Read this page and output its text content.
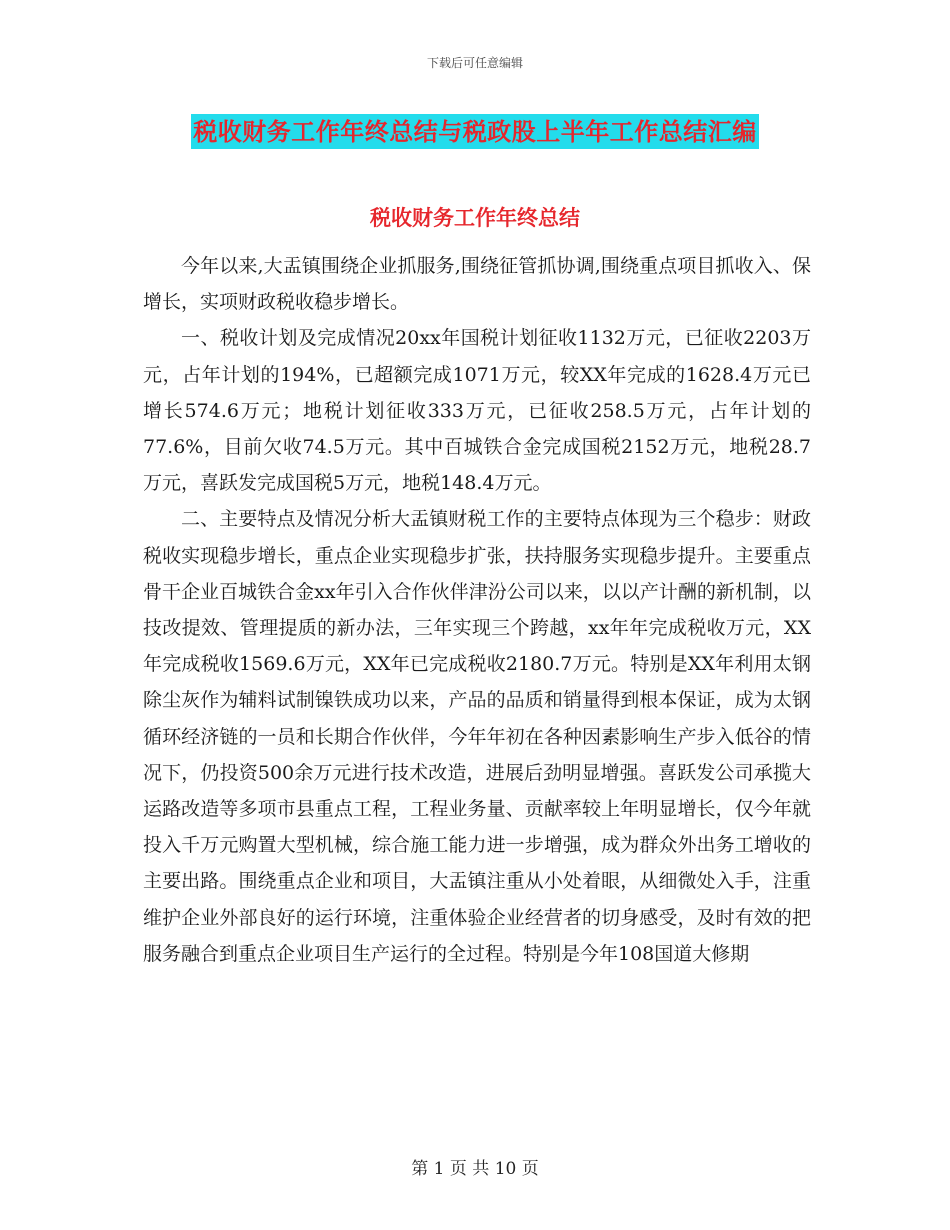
下载后可任意编辑
税收财务工作年终总结与税政股上半年工作总结汇编
税收财务工作年终总结

今年以来,大盂镇围绕企业抓服务,围绕征管抓协调,围绕重点项目抓收入、保增长，实项财政税收稳步增长。

一、税收计划及完成情况20xx年国税计划征收1132万元，已征收2203万元，占年计划的194%，已超额完成1071万元，较XX年完成的1628.4万元已增长574.6万元；地税计划征收333万元，已征收258.5万元，占年计划的77.6%，目前欠收74.5万元。其中百城铁合金完成国税2152万元，地税28.7万元，喜跃发完成国税5万元，地税148.4万元。

二、主要特点及情况分析大盂镇财税工作的主要特点体现为三个稳步：财政税收实现稳步增长，重点企业实现稳步扩张，扶持服务实现稳步提升。主要重点骨干企业百城铁合金xx年引入合作伙伴津汾公司以来，以以产计酬的新机制，以技改提效、管理提质的新办法，三年实现三个跨越，xx年年完成税收万元，XX年完成税收1569.6万元，XX年已完成税收2180.7万元。特别是XX年利用太钢除尘灰作为辅料试制镍铁成功以来，产品的品质和销量得到根本保证，成为太钢循环经济链的一员和长期合作伙伴，今年年初在各种因素影响生产步入低谷的情况下，仍投资500余万元进行技术改造，进展后劲明显增强。喜跃发公司承揽大运路改造等多项市县重点工程，工程业务量、贡献率较上年明显增长，仅今年就投入千万元购置大型机械，综合施工能力进一步增强，成为群众外出务工增收的主要出路。围绕重点企业和项目，大盂镇注重从小处着眼，从细微处入手，注重维护企业外部良好的运行环境，注重体验企业经营者的切身感受，及时有效的把服务融合到重点企业项目生产运行的全过程。特别是今年108国道大修期

第 1 页 共 10 页
